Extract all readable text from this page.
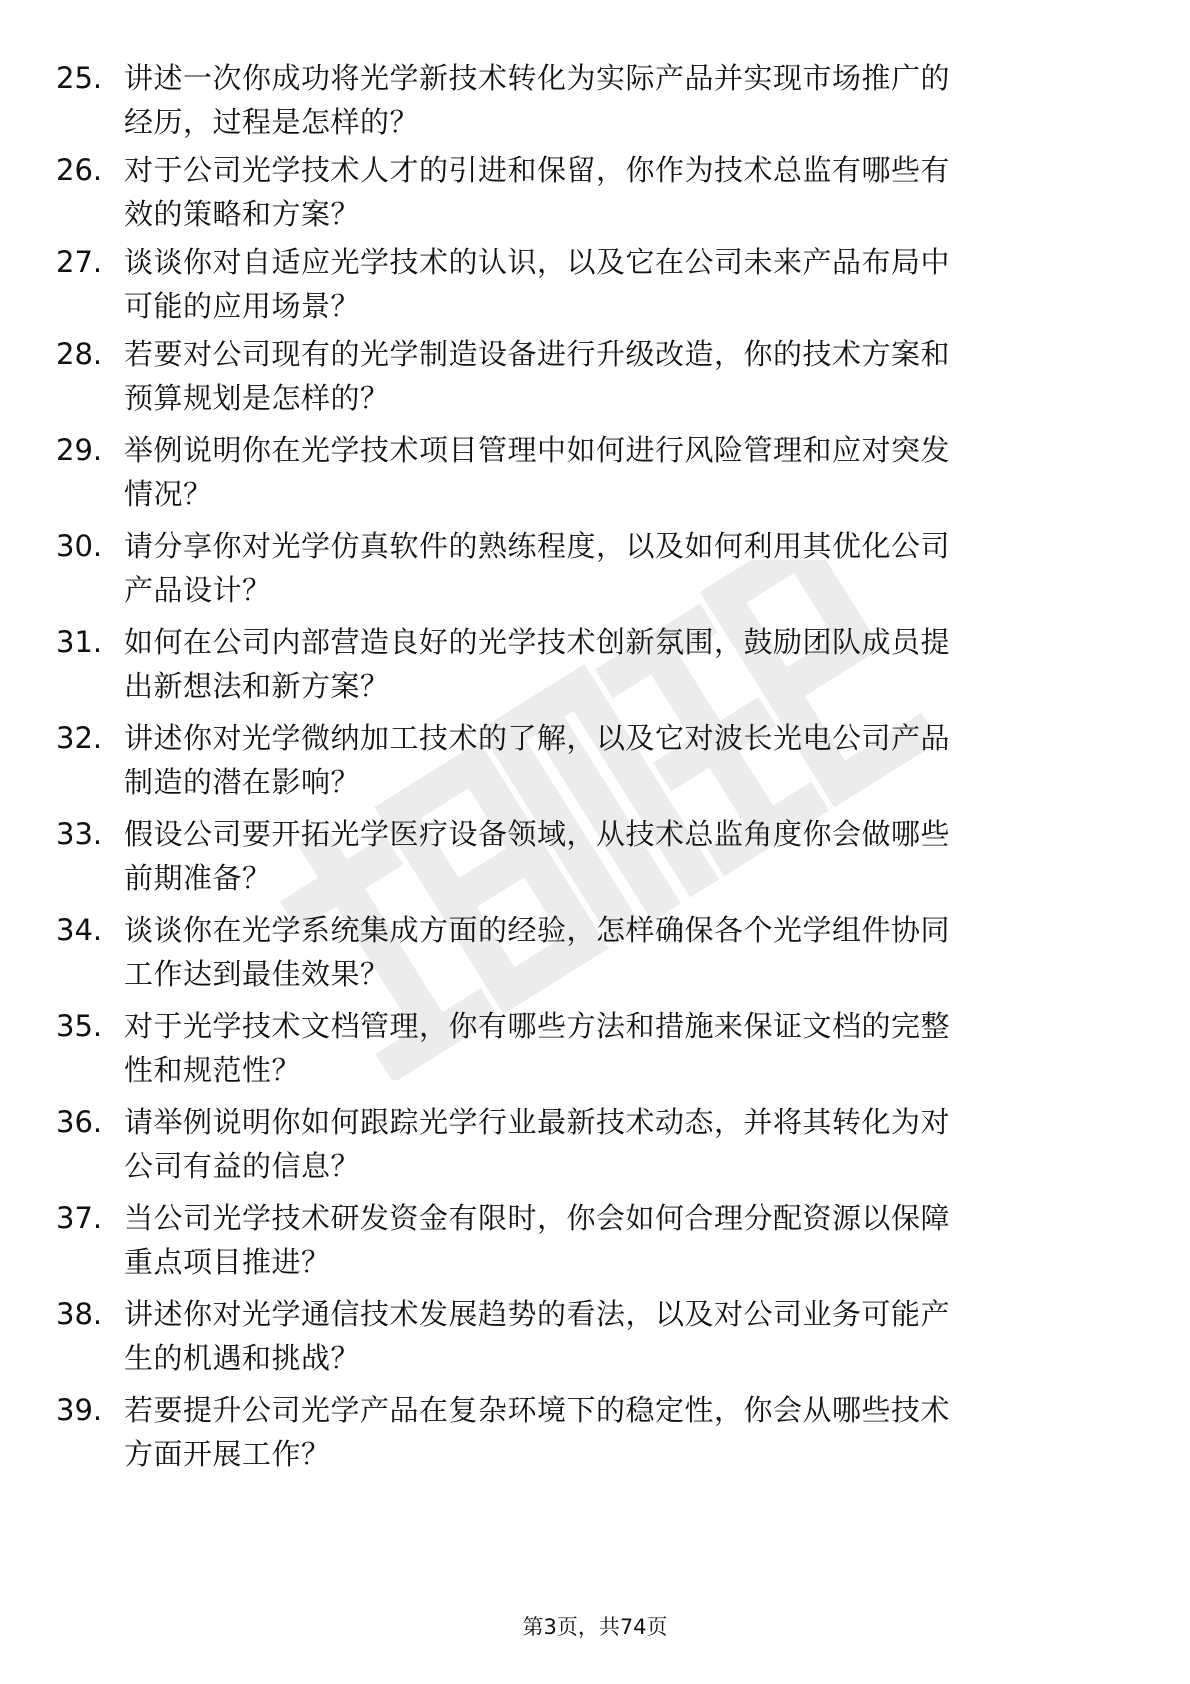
25. 讲述一次你成功将光学新技术转化为实际产品并实现市场推广的
经历，过程是怎样的？
26. 对于公司光学技术人才的引进和保留，你作为技术总监有哪些有
效的策略和方案？
27. 谈谈你对自适应光学技术的认识，以及它在公司未来产品布局中
可能的应用场景？
28. 若要对公司现有的光学制造设备进行升级改造，你的技术方案和
预算规划是怎样的？
29. 举例说明你在光学技术项目管理中如何进行风险管理和应对突发
情况？
30. 请分享你对光学仿真软件的熟练程度，以及如何利用其优化公司
产品设计？
31. 如何在公司内部营造良好的光学技术创新氛围，鼓励团队成员提
出新想法和新方案？
32. 讲述你对光学微纳加工技术的了解，以及它对波长光电公司产品
制造的潜在影响？
33. 假设公司要开拓光学医疗设备领域，从技术总监角度你会做哪些
前期准备？
34. 谈谈你在光学系统集成方面的经验，怎样确保各个光学组件协同
工作达到最佳效果？
35. 对于光学技术文档管理，你有哪些方法和措施来保证文档的完整
性和规范性？
36. 请举例说明你如何跟踪光学行业最新技术动态，并将其转化为对
公司有益的信息？
37. 当公司光学技术研发资金有限时，你会如何合理分配资源以保障
重点项目推进？
38. 讲述你对光学通信技术发展趋势的看法，以及对公司业务可能产
生的机遇和挑战？
39. 若要提升公司光学产品在复杂环境下的稳定性，你会从哪些技术
方面开展工作？
第3页，共74页
